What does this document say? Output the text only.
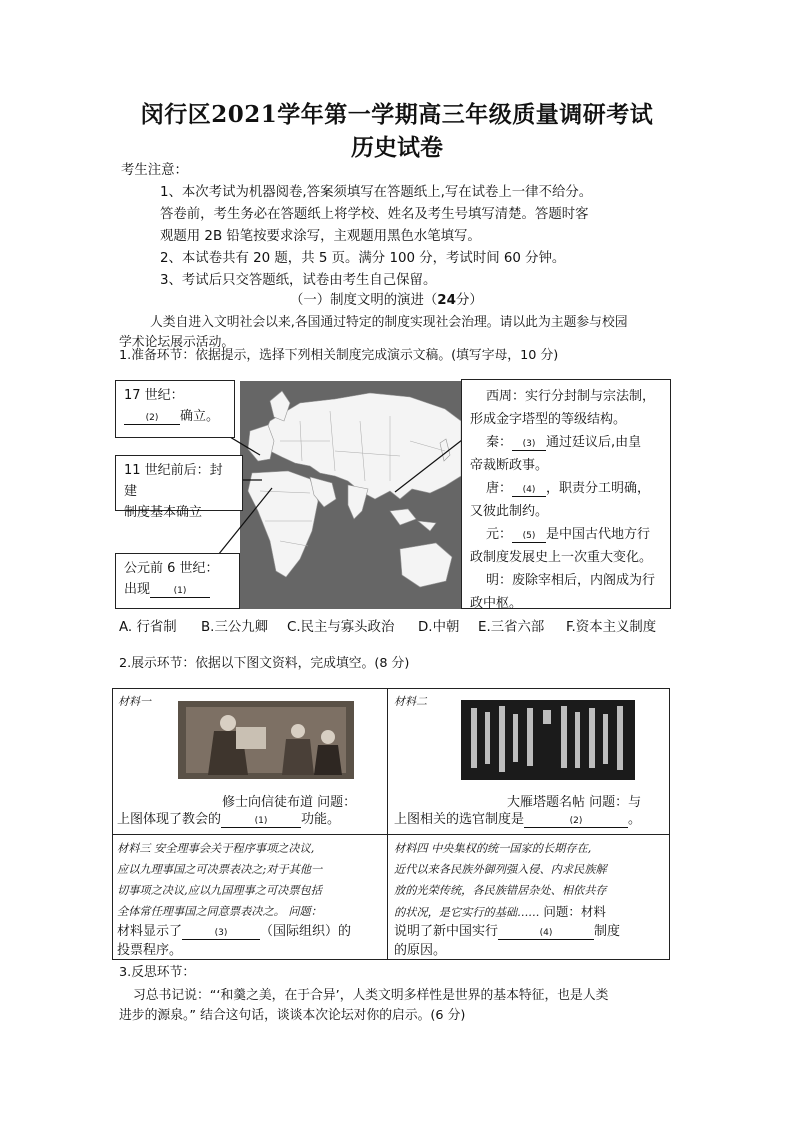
闵行区2021学年第一学期高三年级质量调研考试
历史试卷
考生注意：
1、本次考试为机器阅卷,答案须填写在答题纸上,写在试卷上一律不给分。
答卷前，考生务必在答题纸上将学校、姓名及考生号填写清楚。答题时客
观题用 2B 铅笔按要求涂写，主观题用黑色水笔填写。
2、本试卷共有 20 题，共 5 页。满分 100 分，考试时间 60 分钟。
3、考试后只交答题纸，试卷由考生自己保留。
（一）制度文明的演进（24分）
人类自进入文明社会以来,各国通过特定的制度实现社会治理。请以此为主题参与校园
学术论坛展示活动。
1.准备环节：依据提示，选择下列相关制度完成演示文稿。(填写字母，10 分)
17 世纪：
(2) 确立。
11 世纪前后：封建
制度基本确立
公元前 6 世纪：
出现	(1)
西周：实行分封制与宗法制，
形成金字塔型的等级结构。
秦： (3) 通过廷议后,由皇
帝裁断政事。
唐： (4) ，职责分工明确，
又彼此制约。
元： (5) 是中国古代地方行
政制度发展史上一次重大变化。
明：废除宰相后，内阁成为行
政中枢。
A. 行省制 B.三公九卿 C.民主与寡头政治 D.中朝 E.三省六部 F.资本主义制度
2.展示环节：依据以下图文资料，完成填空。(8 分)
材料一
修士向信徒布道 问题：
上图体现了教会的	(1)	功能。
材料二
大雁塔题名帖 问题：与
上图相关的选官制度是	(2)	。
材料三 安全理事会关于程序事项之决议,
应以九理事国之可决票表决之;对于其他一
切事项之决议,应以九国理事之可决票包括
全体常任理事国之同意票表决之。 问题：
材料显示了	(3)	（国际组织）的
投票程序。
材料四 中央集权的统一国家的长期存在,
近代以来各民族外御列强入侵、内求民族解
放的光荣传统，各民族错居杂处、相依共存
的状况，是它实行的基础…… 问题：材料
说明了新中国实行	(4)	制度
的原因。
3.反思环节：
习总书记说：“‘和羹之美，在于合异’，人类文明多样性是世界的基本特征，也是人类
进步的源泉。” 结合这句话，谈谈本次论坛对你的启示。(6 分)
